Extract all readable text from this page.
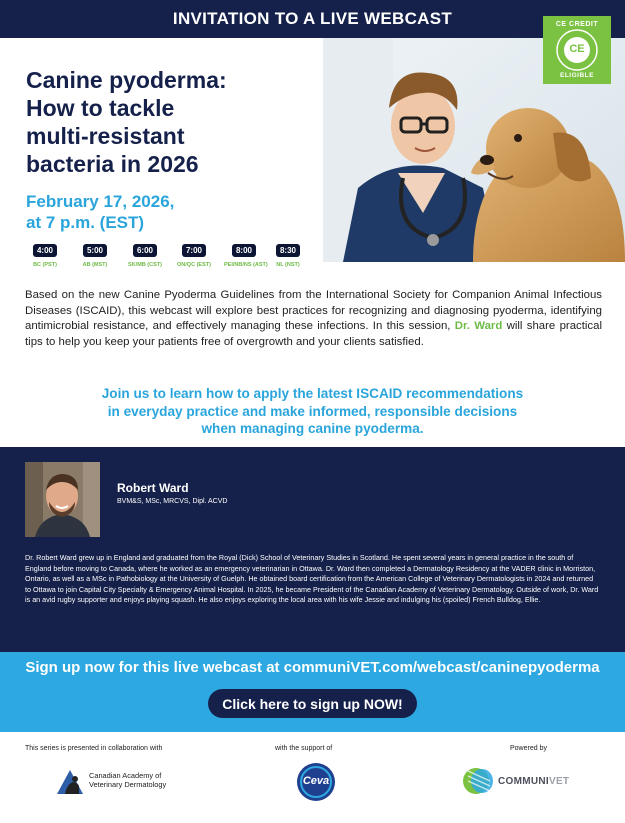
INVITATION TO A LIVE WEBCAST
Canine pyoderma:
How to tackle
multi-resistant
bacteria in 2026
February 17, 2026,
at 7 p.m. (EST)
4:00
BC (PST)
5:00
AB (MST)
6:00
SK/MB (CST)
7:00
ON/QC (EST)
8:00
PEI/NB/NS (AST)
8:30
NL (NST)
CE CREDIT
CE
ELIGIBLE
Based on the new Canine Pyoderma Guidelines from the International Society for Companion Animal Infectious Diseases (ISCAID), this webcast will explore best practices for recognizing and diagnosing pyoderma, identifying antimicrobial resistance, and effectively managing these infections. In this session, Dr. Ward will share practical tips to help you keep your patients free of overgrowth and your clients satisfied.
Join us to learn how to apply the latest ISCAID recommendations
in everyday practice and make informed, responsible decisions
when managing canine pyoderma.
Robert Ward
BVM&S, MSc, MRCVS, Dipl. ACVD
Dr. Robert Ward grew up in England and graduated from the Royal (Dick) School of Veterinary Studies in Scotland. He spent several years in general practice in the south of England before moving to Canada, where he worked as an emergency veterinarian in Ottawa. Dr. Ward then completed a Dermatology Residency at the VADER clinic in Morriston, Ontario, as well as a MSc in Pathobiology at the University of Guelph. He obtained board certification from the American College of Veterinary Dermatologists in 2024 and returned to Ottawa to join Capital City Specialty & Emergency Animal Hospital. In 2025, he became President of the Canadian Academy of Veterinary Dermatology. Outside of work, Dr. Ward is an avid rugby supporter and enjoys playing squash. He also enjoys exploring the local area with his wife Jessie and indulging his (spoiled) French Bulldog, Ellie.
Sign up now for this live webcast at communiVET.com/webcast/caninepyoderma
Click here to sign up NOW!
This series is presented in collaboration with	with the support of	Powered by
Canadian Academy of
Veterinary Dermatology	Ceva	COMMUNIVET
